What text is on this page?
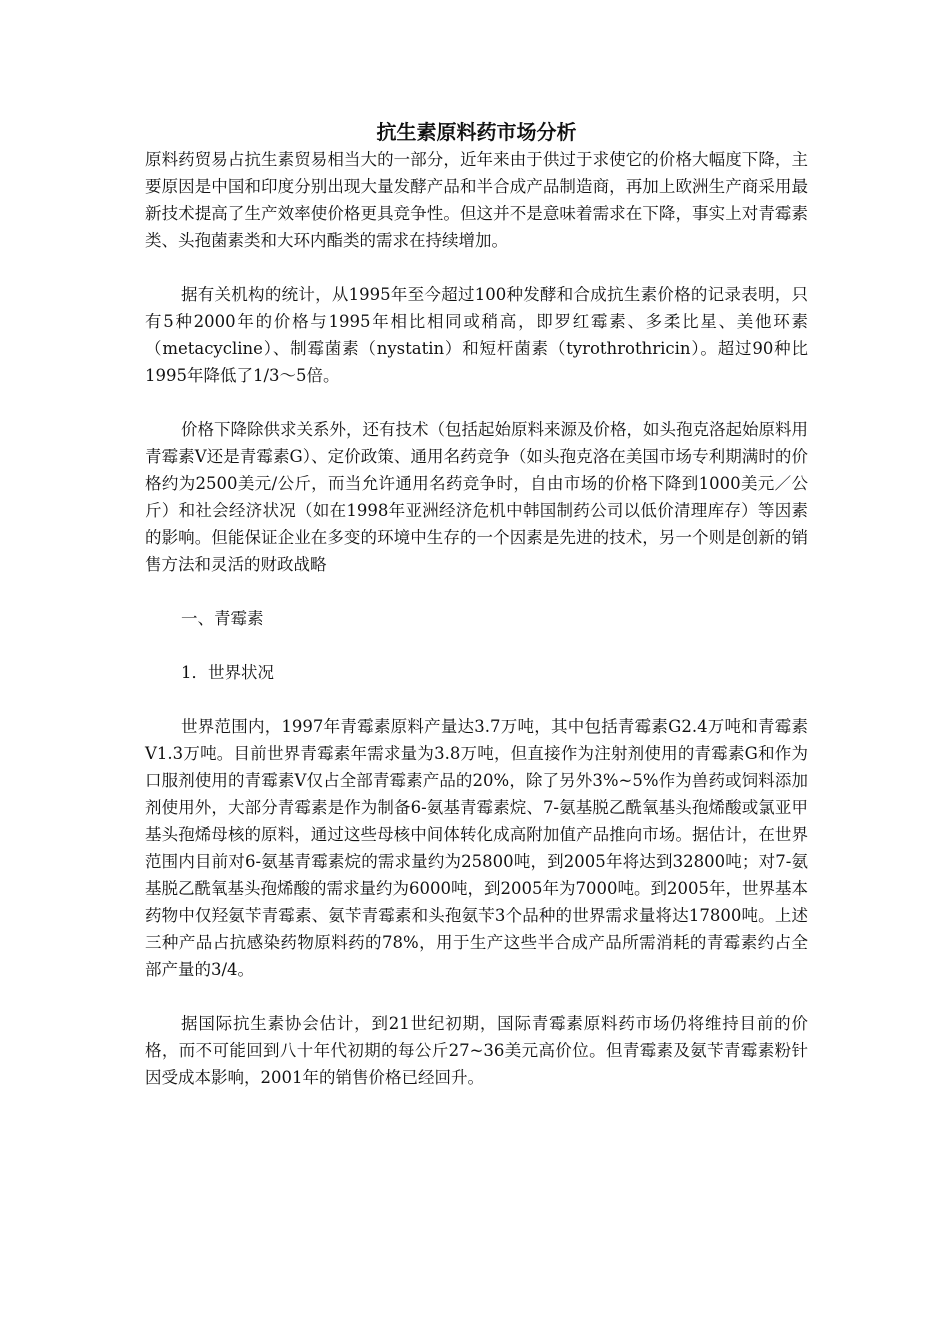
抗生素原料药市场分析

原料药贸易占抗生素贸易相当大的一部分，近年来由于供过于求使它的价格大幅度下降，主要原因是中国和印度分别出现大量发酵产品和半合成产品制造商，再加上欧洲生产商采用最新技术提高了生产效率使价格更具竞争性。但这并不是意味着需求在下降，事实上对青霉素类、头孢菌素类和大环内酯类的需求在持续增加。

据有关机构的统计，从1995年至今超过100种发酵和合成抗生素价格的记录表明，只有5种2000年的价格与1995年相比相同或稍高，即罗红霉素、多柔比星、美他环素（metacycline）、制霉菌素（nystatin）和短杆菌素（tyrothrothricin）。超过90种比1995年降低了1/3～5倍。

价格下降除供求关系外，还有技术（包括起始原料来源及价格，如头孢克洛起始原料用青霉素Ⅴ还是青霉素G）、定价政策、通用名药竞争（如头孢克洛在美国市场专利期满时的价格约为2500美元/公斤，而当允许通用名药竞争时，自由市场的价格下降到1000美元／公斤）和社会经济状况（如在1998年亚洲经济危机中韩国制药公司以低价清理库存）等因素的影响。但能保证企业在多变的环境中生存的一个因素是先进的技术，另一个则是创新的销售方法和灵活的财政战略

一、青霉素

1．世界状况

世界范围内，1997年青霉素原料产量达3.7万吨，其中包括青霉素G2.4万吨和青霉素V1.3万吨。目前世界青霉素年需求量为3.8万吨，但直接作为注射剂使用的青霉素G和作为口服剂使用的青霉素Ⅴ仅占全部青霉素产品的20%，除了另外3%~5%作为兽药或饲料添加剂使用外，大部分青霉素是作为制备6-氨基青霉素烷、7-氨基脱乙酰氧基头孢烯酸或氯亚甲基头孢烯母核的原料，通过这些母核中间体转化成高附加值产品推向市场。据估计，在世界范围内目前对6-氨基青霉素烷的需求量约为25800吨，到2005年将达到32800吨；对7-氨基脱乙酰氧基头孢烯酸的需求量约为6000吨，到2005年为7000吨。到2005年，世界基本药物中仅羟氨苄青霉素、氨苄青霉素和头孢氨苄3个品种的世界需求量将达17800吨。上述三种产品占抗感染药物原料药的78%，用于生产这些半合成产品所需消耗的青霉素约占全部产量的3/4。

据国际抗生素协会估计，到21世纪初期，国际青霉素原料药市场仍将维持目前的价格，而不可能回到八十年代初期的每公斤27~36美元高价位。但青霉素及氨苄青霉素粉针因受成本影响，2001年的销售价格已经回升。
